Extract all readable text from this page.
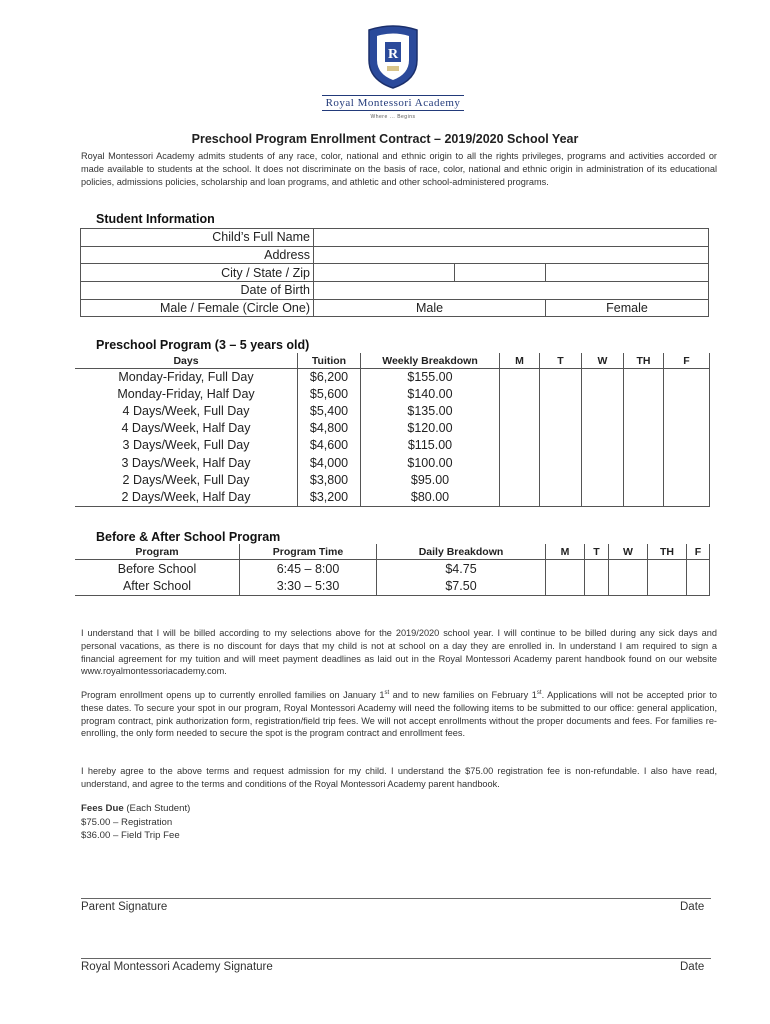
R
Royal Montessori Academy
Where ... Begins
Preschool Program Enrollment Contract – 2019/2020 School Year
Royal Montessori Academy admits students of any race, color, national and ethnic origin to all the rights privileges, programs and activities accorded or made available to students at the school. It does not discriminate on the basis of race, color, national and ethnic origin in administration of its educational policies, admissions policies, scholarship and loan programs, and athletic and other school-administered programs.
Student Information
Child’s Full Name			
Address			
City / State / Zip			
Date of Birth			
Male / Female (Circle One)	Male		Female
Preschool Program (3 – 5 years old)
Days	Tuition	Weekly Breakdown	M	T	W	TH	F
Monday-Friday, Full Day	$6,200	$155.00					
Monday-Friday, Half Day	$5,600	$140.00					
4 Days/Week, Full Day	$5,400	$135.00					
4 Days/Week, Half Day	$4,800	$120.00					
3 Days/Week, Full Day	$4,600	$115.00					
3 Days/Week, Half Day	$4,000	$100.00					
2 Days/Week, Full Day	$3,800	$95.00					
2 Days/Week, Half Day	$3,200	$80.00					
Before & After School Program
Program	Program Time	Daily Breakdown	M	T	W	TH	F
Before School	6:45 – 8:00	$4.75					
After School	3:30 – 5:30	$7.50					
I understand that I will be billed according to my selections above for the 2019/2020 school year. I will continue to be billed during any sick days and personal vacations, as there is no discount for days that my child is not at school on a day they are enrolled in. In understand I am required to sign a financial agreement for my tuition and will meet payment deadlines as laid out in the Royal Montessori Academy parent handbook found on our website www.royalmontessoriacademy.com.
Program enrollment opens up to currently enrolled families on January 1st and to new families on February 1st. Applications will not be accepted prior to these dates. To secure your spot in our program, Royal Montessori Academy will need the following items to be submitted to our office: general application, program contract, pink authorization form, registration/field trip fees. We will not accept enrollments without the proper documents and fees. For families re-enrolling, the only form needed to secure the spot is the program contract and enrollment fees.
I hereby agree to the above terms and request admission for my child. I understand the $75.00 registration fee is non-refundable. I also have read, understand, and agree to the terms and conditions of the Royal Montessori Academy parent handbook.
Fees Due (Each Student)
$75.00 – Registration
$36.00 – Field Trip Fee
Parent Signature	Date
Royal Montessori Academy Signature	Date
